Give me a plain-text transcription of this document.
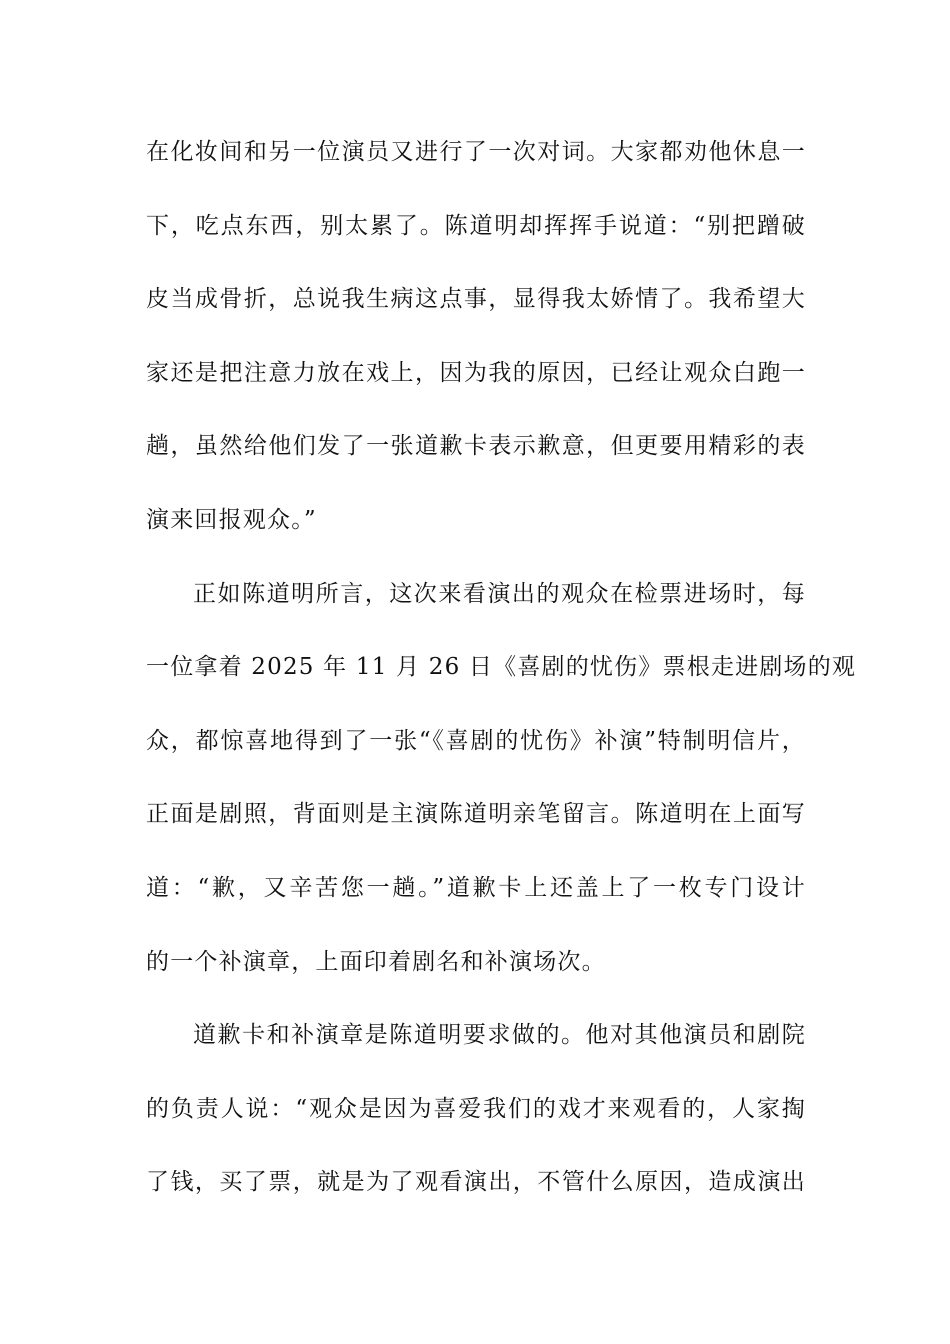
在化妆间和另一位演员又进行了一次对词。大家都劝他休息一
下，吃点东西，别太累了。陈道明却挥挥手说道：“别把蹭破
皮当成骨折，总说我生病这点事，显得我太娇情了。我希望大
家还是把注意力放在戏上，因为我的原因，已经让观众白跑一
趟，虽然给他们发了一张道歉卡表示歉意，但更要用精彩的表
演来回报观众。”
正如陈道明所言，这次来看演出的观众在检票进场时，每
一位拿着 2025 年 11 月 26 日《喜剧的忧伤》票根走进剧场的观
众，都惊喜地得到了一张“《喜剧的忧伤》补演”特制明信片，
正面是剧照，背面则是主演陈道明亲笔留言。陈道明在上面写
道：“歉，又辛苦您一趟。”道歉卡上还盖上了一枚专门设计
的一个补演章，上面印着剧名和补演场次。
道歉卡和补演章是陈道明要求做的。他对其他演员和剧院
的负责人说：“观众是因为喜爱我们的戏才来观看的，人家掏
了钱，买了票，就是为了观看演出，不管什么原因，造成演出
